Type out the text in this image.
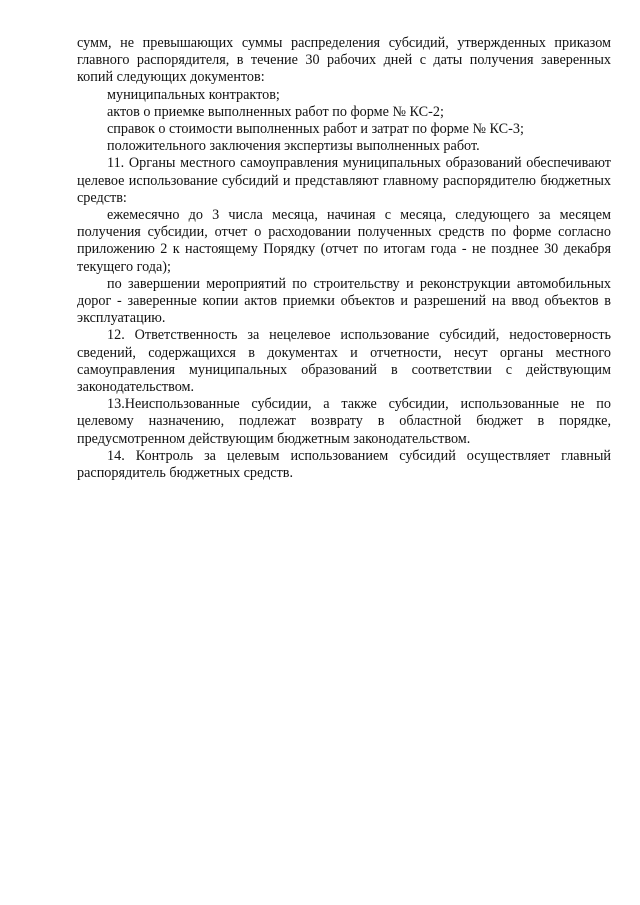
сумм, не превышающих суммы распределения субсидий, утвержденных приказом главного распорядителя, в течение 30 рабочих дней с даты получения заверенных копий следующих документов:

муниципальных контрактов;

актов о приемке выполненных работ по форме № КС-2;

справок о стоимости выполненных работ и затрат по форме № КС-3;

положительного заключения экспертизы выполненных работ.

11. Органы местного самоуправления муниципальных образований обеспечивают целевое использование субсидий и представляют главному распорядителю бюджетных средств:

ежемесячно до 3 числа месяца, начиная с месяца, следующего за месяцем получения субсидии, отчет о расходовании полученных средств по форме согласно приложению 2 к настоящему Порядку (отчет по итогам года - не позднее 30 декабря текущего года);

по завершении мероприятий по строительству и реконструкции автомобильных дорог - заверенные копии актов приемки объектов и разрешений на ввод объектов в эксплуатацию.

12. Ответственность за нецелевое использование субсидий, недостоверность сведений, содержащихся в документах и отчетности, несут органы местного самоуправления муниципальных образований в соответствии с действующим законодательством.

13.Неиспользованные субсидии, а также субсидии, использованные не по целевому назначению, подлежат возврату в областной бюджет в порядке, предусмотренном действующим бюджетным законодательством.

14. Контроль за целевым использованием субсидий осуществляет главный распорядитель бюджетных средств.
